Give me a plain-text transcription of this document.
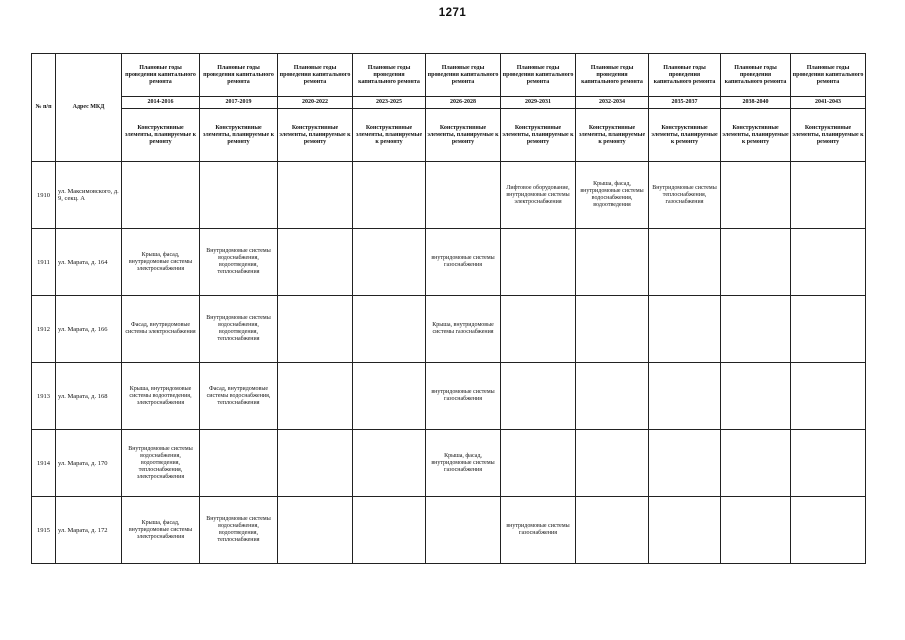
1271
№ п/п	Адрес МКД	Плановые годы проведения капитального ремонта	Плановые годы проведения капитального ремонта	Плановые годы проведения капитального ремонта	Плановые годы проведения капитального ремонта	Плановые годы проведения капитального ремонта	Плановые годы проведения капитального ремонта	Плановые годы проведения капитального ремонта	Плановые годы проведения капитального ремонта	Плановые годы проведения капитального ремонта	Плановые годы проведения капитального ремонта
		2014-2016	2017-2019	2020-2022	2023-2025	2026-2028	2029-2031	2032-2034	2035-2037	2038-2040	2041-2043
		Конструктивные элементы, планируемые к ремонту	Конструктивные элементы, планируемые к ремонту	Конструктивные элементы, планируемые к ремонту	Конструктивные элементы, планируемые к ремонту	Конструктивные элементы, планируемые к ремонту	Конструктивные элементы, планируемые к ремонту	Конструктивные элементы, планируемые к ремонту	Конструктивные элементы, планируемые к ремонту	Конструктивные элементы, планируемые к ремонту	Конструктивные элементы, планируемые к ремонту
1910	ул. Максимовского, д. 9, секц. А						Лифтовое оборудование, внутридомовые системы электроснабжения	Крыша, фасад, внутридомовые системы водоснабжения, водоотведения	Внутридомовые системы теплоснабжения, газоснабжения		
1911	ул. Марата, д. 164	Крыша, фасад, внутридомовые системы электроснабжения	Внутридомовые системы водоснабжения, водоотведения, теплоснабжения			внутридомовые системы газоснабжения					
1912	ул. Марата, д. 166	Фасад, внутридомовые системы электроснабжения	Внутридомовые системы водоснабжения, водоотведения, теплоснабжения			Крыша, внутридомовые системы газоснабжения					
1913	ул. Марата, д. 168	Крыша, внутридомовые системы водоотведения, электроснабжения	Фасад, внутридомовые системы водоснабжения, теплоснабжения			внутридомовые системы газоснабжения					
1914	ул. Марата, д. 170	Внутридомовые системы водоснабжения, водоотведения, теплоснабжения, электроснабжения				Крыша, фасад, внутридомовые системы газоснабжения					
1915	ул. Марата, д. 172	Крыша, фасад, внутридомовые системы электроснабжения	Внутридомовые системы водоснабжения, водоотведения, теплоснабжения				внутридомовые системы газоснабжения				
